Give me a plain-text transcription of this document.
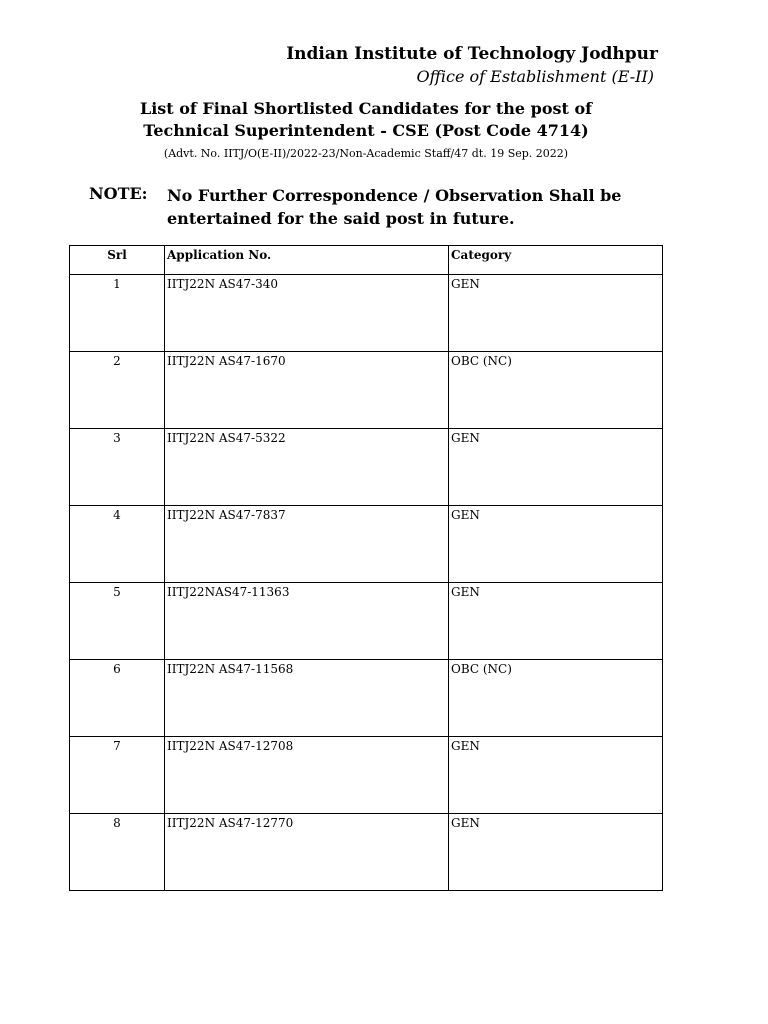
Indian Institute of Technology Jodhpur
Office of Establishment (E-II)
List of Final Shortlisted Candidates for the post of
Technical Superintendent - CSE (Post Code 4714)
(Advt. No. IITJ/O(E-II)/2022-23/Non-Academic Staff/47 dt. 19 Sep. 2022)
NOTE: No Further Correspondence / Observation Shall be entertained for the said post in future.
Srl	Application No.	Category
1	IITJ22N AS47-340	GEN
2	IITJ22N AS47-1670	OBC (NC)
3	IITJ22N AS47-5322	GEN
4	IITJ22N AS47-7837	GEN
5	IITJ22NAS47-11363	GEN
6	IITJ22N AS47-11568	OBC (NC)
7	IITJ22N AS47-12708	GEN
8	IITJ22N AS47-12770	GEN
